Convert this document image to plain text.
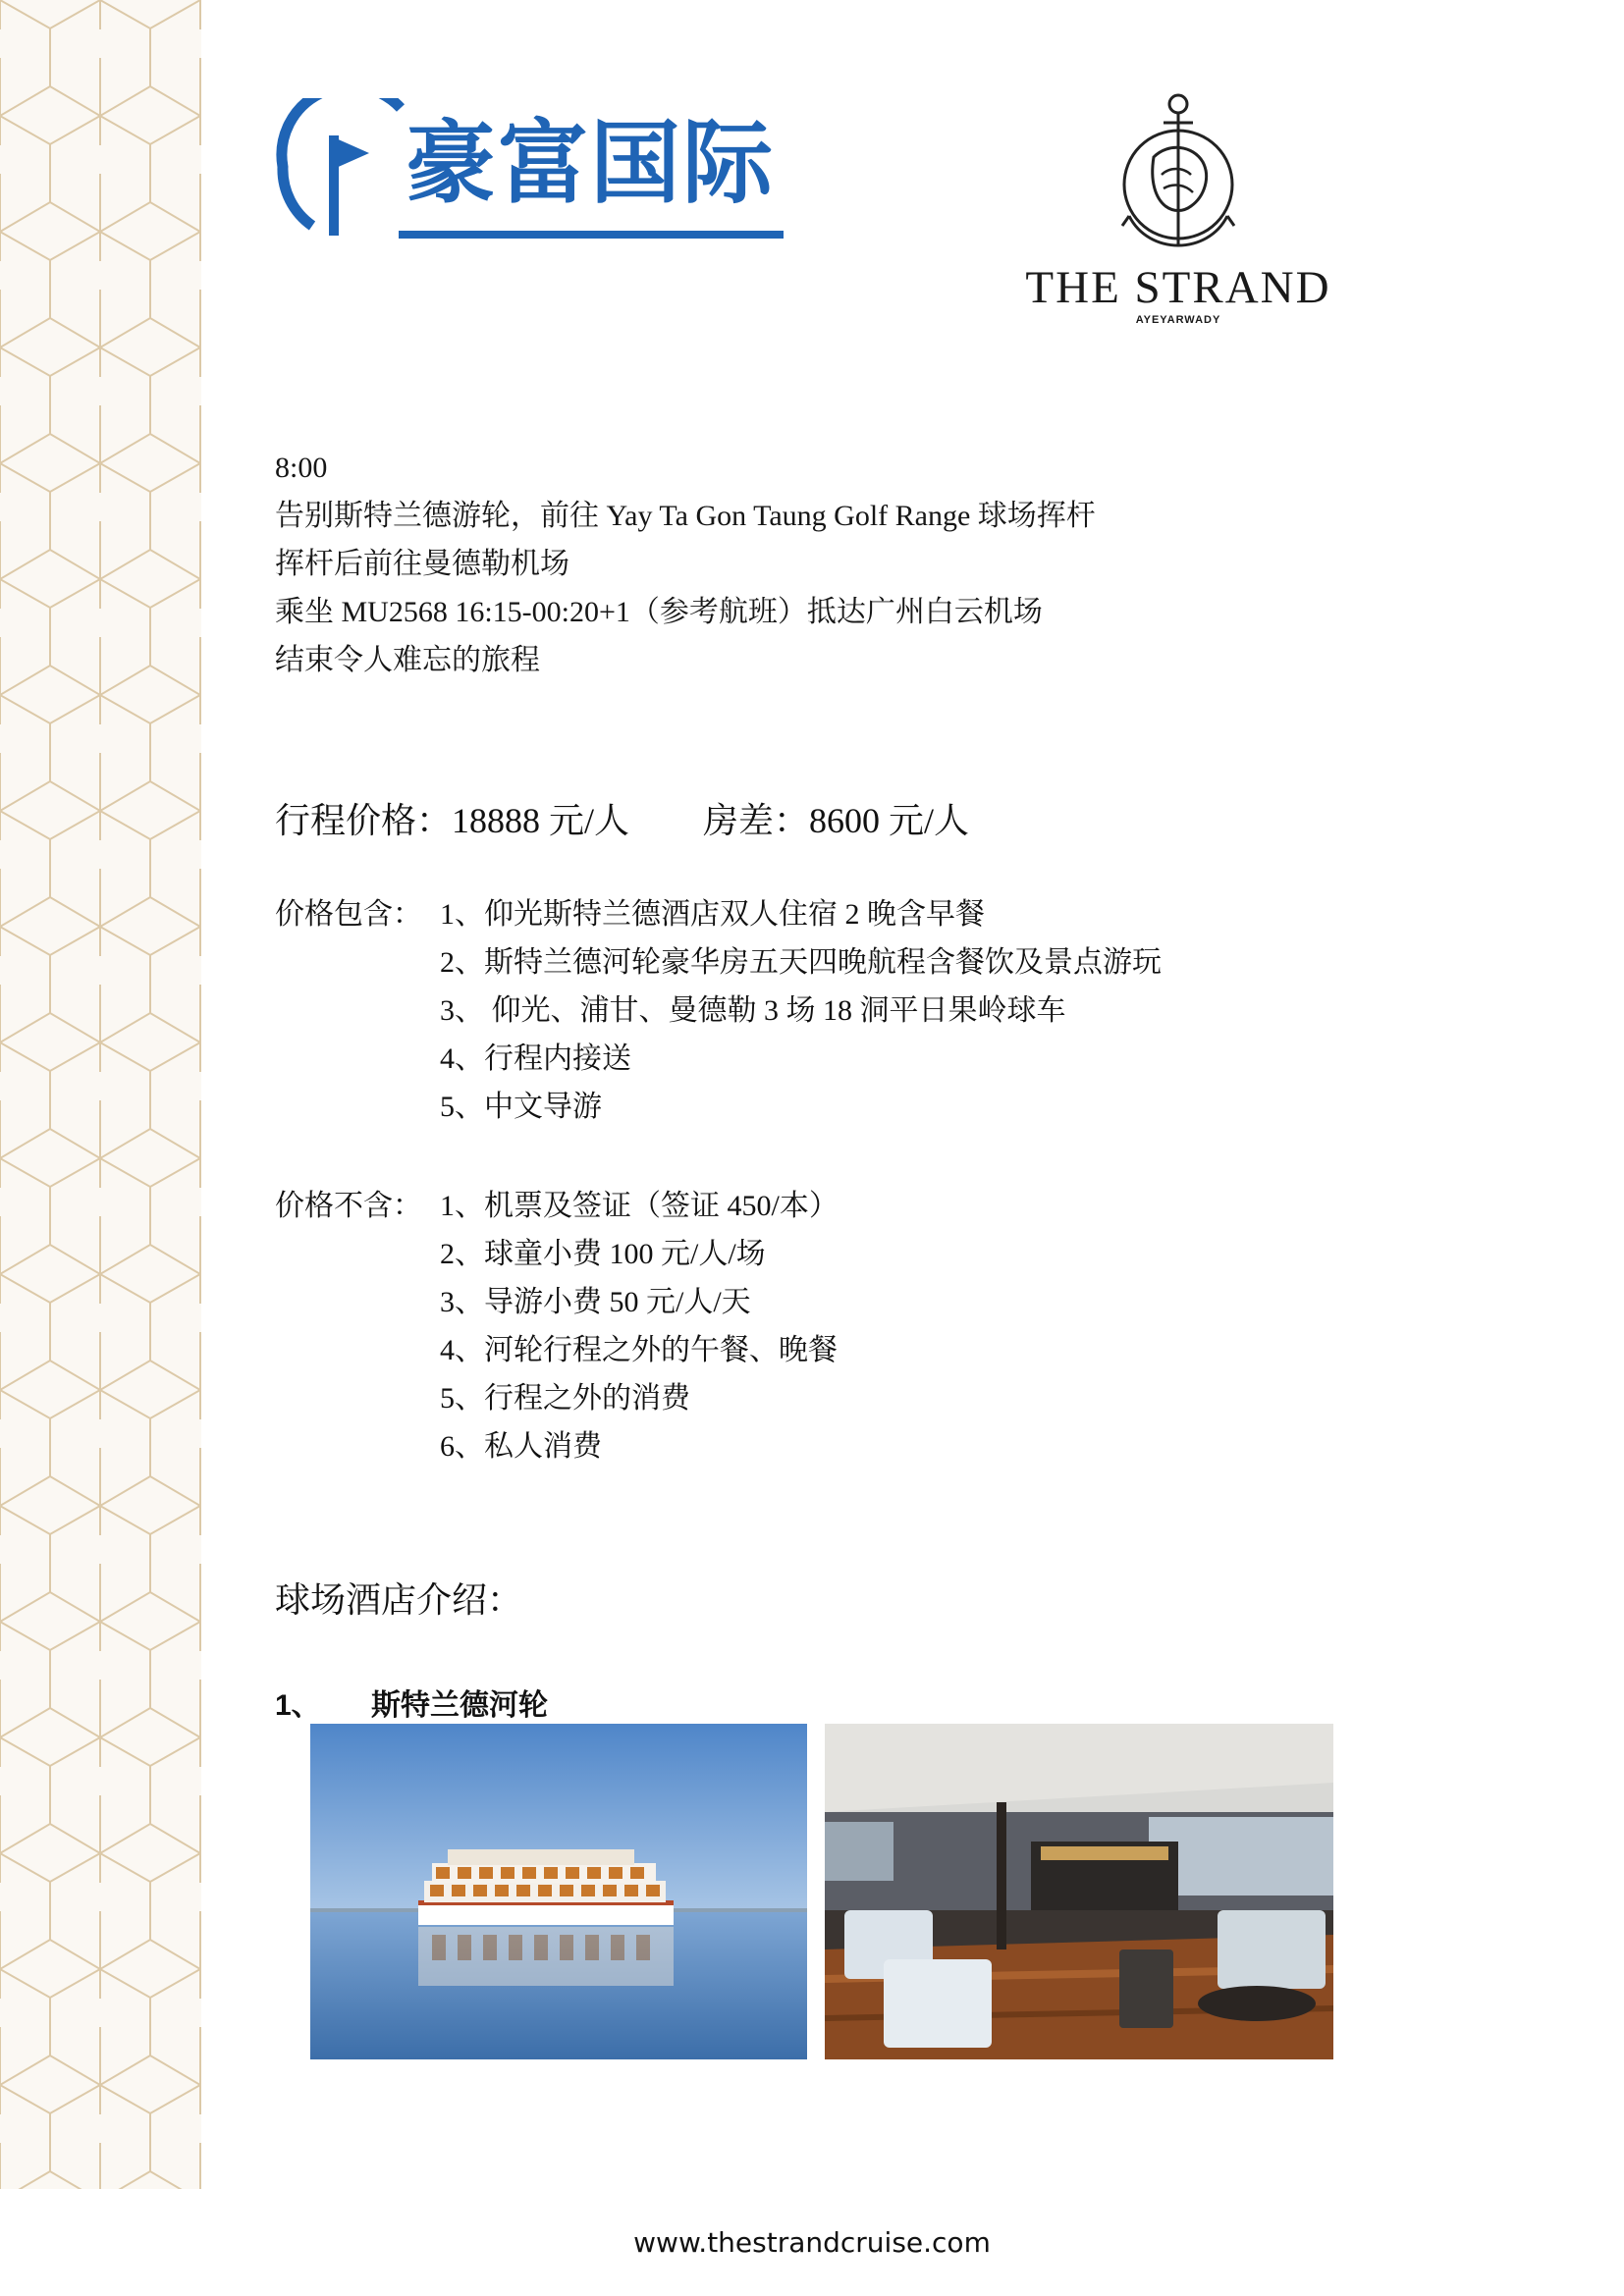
豪富国际
THE STRAND
AYEYARWADY
8:00
告别斯特兰德游轮，前往 Yay Ta Gon Taung Golf Range 球场挥杆
挥杆后前往曼德勒机场
乘坐 MU2568 16:15-00:20+1（参考航班）抵达广州白云机场
结束令人难忘的旅程
行程价格：18888 元/人 房差：8600 元/人
价格包含： 1、仰光斯特兰德酒店双人住宿 2 晚含早餐
2、斯特兰德河轮豪华房五天四晚航程含餐饮及景点游玩
3、 仰光、浦甘、曼德勒 3 场 18 洞平日果岭球车
4、行程内接送
5、中文导游
价格不含： 1、机票及签证（签证 450/本）
2、球童小费 100 元/人/场
3、导游小费 50 元/人/天
4、河轮行程之外的午餐、晚餐
5、行程之外的消费
6、私人消费
球场酒店介绍：
1、 斯特兰德河轮
www.thestrandcruise.com
